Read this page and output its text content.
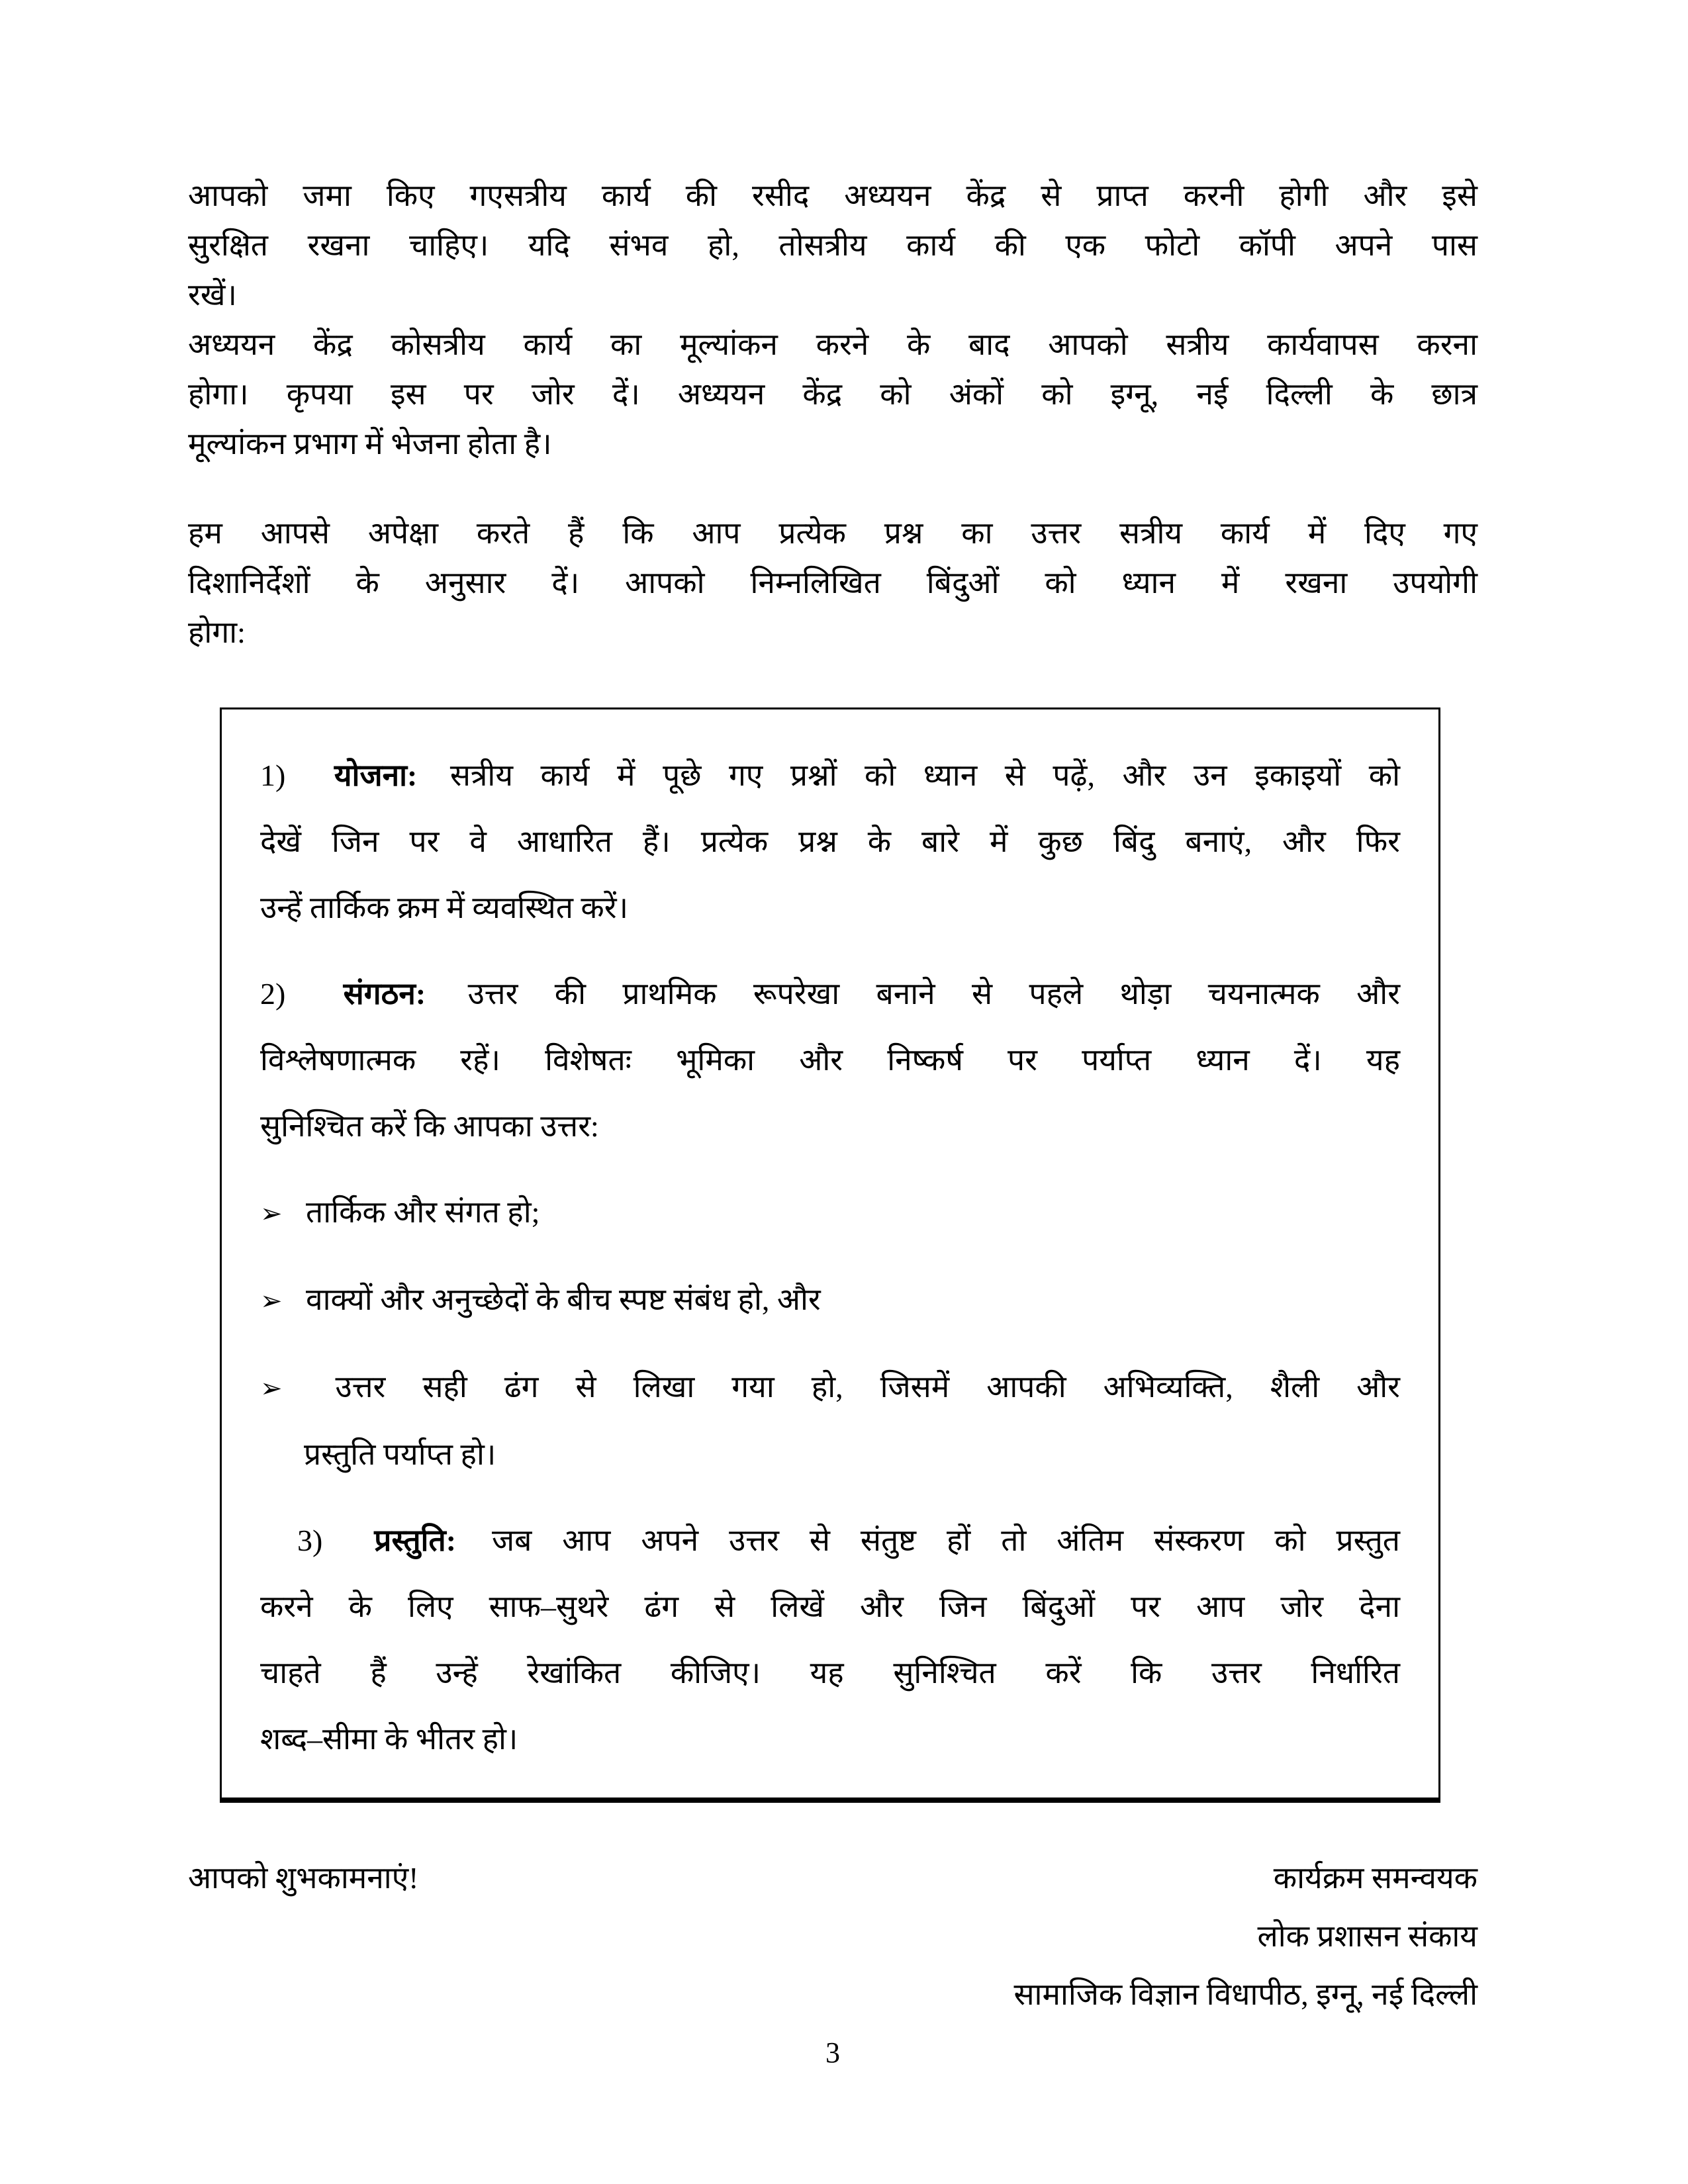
आपको जमा किए गएसत्रीय कार्य की रसीद अध्ययन केंद्र से प्राप्त करनी होगी और इसे
सुरक्षित रखना चाहिए। यदि संभव हो, तोसत्रीय कार्य की एक फोटो कॉपी अपने पास
रखें।
अध्ययन केंद्र कोसत्रीय कार्य का मूल्यांकन करने के बाद आपको सत्रीय कार्यवापस करना
होगा। कृपया इस पर जोर दें। अध्ययन केंद्र को अंकों को इग्नू, नई दिल्ली के छात्र
मूल्यांकन प्रभाग में भेजना होता है।
हम आपसे अपेक्षा करते हैं कि आप प्रत्येक प्रश्न का उत्तर सत्रीय कार्य में दिए गए
दिशानिर्देशों के अनुसार दें। आपको निम्नलिखित बिंदुओं को ध्यान में रखना उपयोगी
होगा:
1) योजना: सत्रीय कार्य में पूछे गए प्रश्नों को ध्यान से पढ़ें, और उन इकाइयों को
देखें जिन पर वे आधारित हैं। प्रत्येक प्रश्न के बारे में कुछ बिंदु बनाएं, और फिर
उन्हें तार्किक क्रम में व्यवस्थित करें।
2) संगठन: उत्तर की प्राथमिक रूपरेखा बनाने से पहले थोड़ा चयनात्मक और
विश्लेषणात्मक रहें। विशेषतः भूमिका और निष्कर्ष पर पर्याप्त ध्यान दें। यह
सुनिश्चित करें कि आपका उत्तर:
➢ तार्किक और संगत हो;
➢ वाक्यों और अनुच्छेदों के बीच स्पष्ट संबंध हो, और
➢ उत्तर सही ढंग से लिखा गया हो, जिसमें आपकी अभिव्यक्ति, शैली और
प्रस्तुति पर्याप्त हो।
3) प्रस्तुति: जब आप अपने उत्तर से संतुष्ट हों तो अंतिम संस्करण को प्रस्तुत
करने के लिए साफ–सुथरे ढंग से लिखें और जिन बिंदुओं पर आप जोर देना
चाहते हैं उन्हें रेखांकित कीजिए। यह सुनिश्चित करें कि उत्तर निर्धारित
शब्द–सीमा के भीतर हो।
आपको शुभकामनाएं!	कार्यक्रम समन्वयक
लोक प्रशासन संकाय
सामाजिक विज्ञान विधापीठ, इग्नू, नई दिल्ली
3
